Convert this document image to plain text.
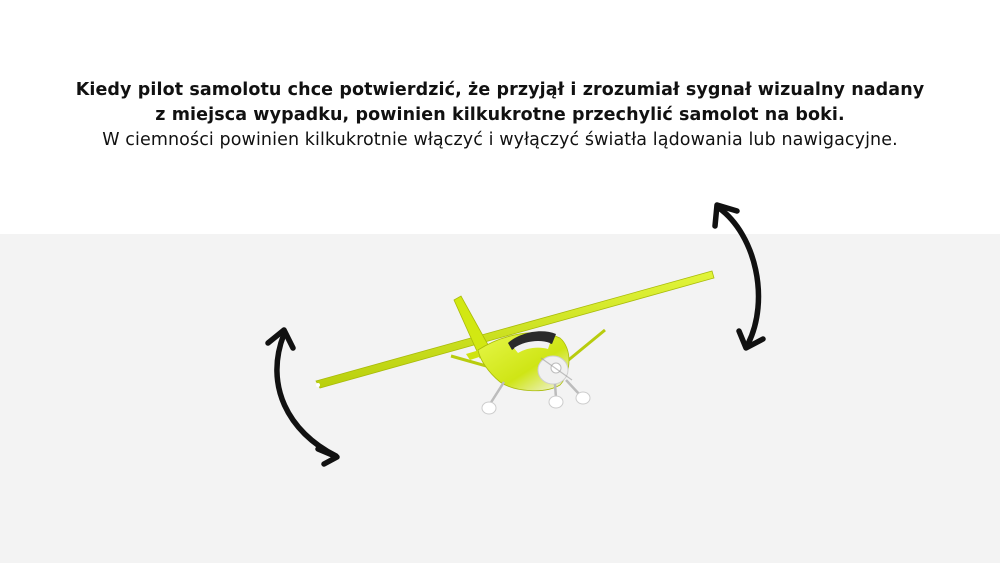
Kiedy pilot samolotu chce potwierdzić, że przyjął i zrozumiał sygnał wizualny nadany
z miejsca wypadku, powinien kilkukrotne przechylić samolot na boki.
W ciemności powinien kilkukrotnie włączyć i wyłączyć światła lądowania lub nawigacyjne.
